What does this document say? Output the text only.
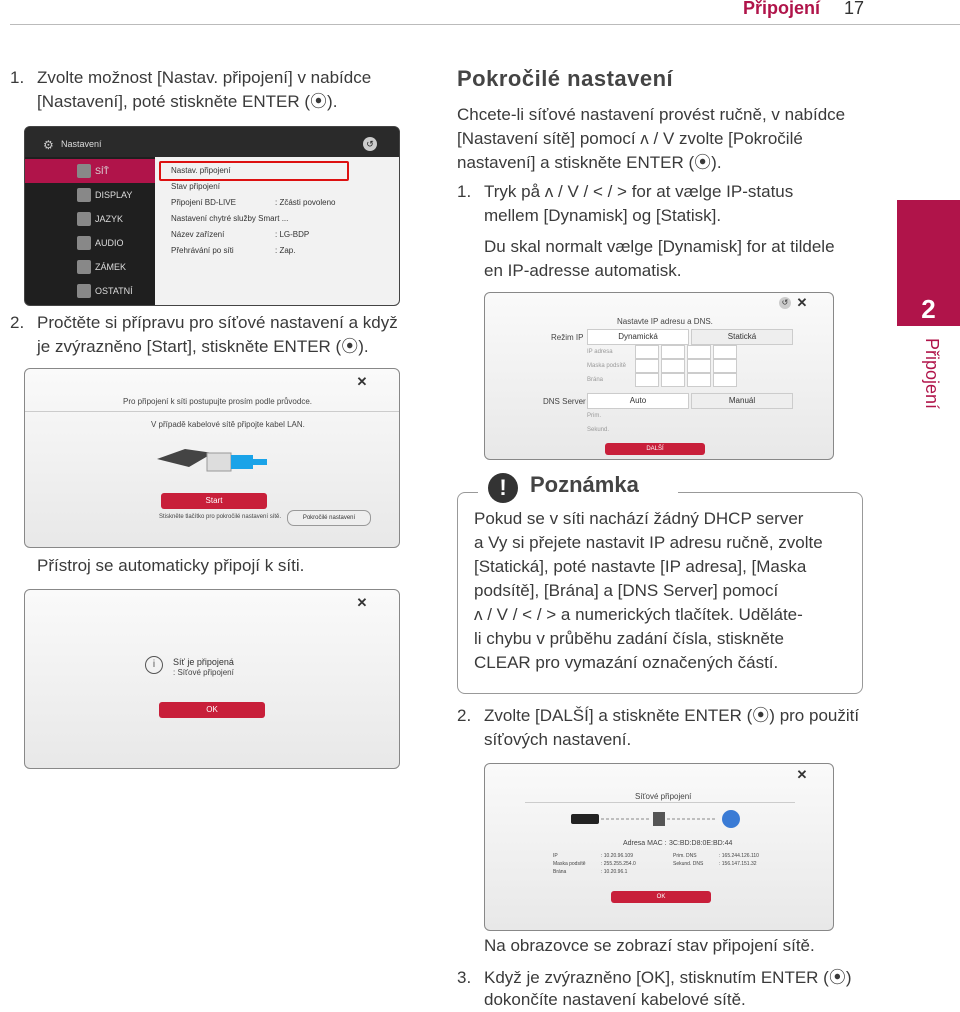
Připojení 17
2
Připojení
1. Zvolte možnost [Nastav. připojení] v nabídce
[Nastavení], poté stiskněte ENTER (⦿).
⚙ Nastavení	↺
SÍŤ
DISPLAY
JAZYK
AUDIO
ZÁMEK
OSTATNÍ
Nastav. připojení
Stav připojení
Připojení BD-LIVE	: Zčásti povoleno
Nastavení chytré služby Smart ...
Název zařízení	: LG-BDP
Přehrávání po síti	: Zap.
2. Pročtěte si přípravu pro síťové nastavení a když
je zvýrazněno [Start], stiskněte ENTER (⦿).
✕
Pro připojení k síti postupujte prosím podle průvodce.
V případě kabelové sítě připojte kabel LAN.
Start
Stiskněte tlačítko pro pokročilé nastavení sítě.	Pokročilé nastavení
Přístroj se automaticky připojí k síti.
✕
i	Síť je připojená
: Síťové připojení
OK
Pokročilé nastavení
Chcete-li síťové nastavení provést ručně, v nabídce
[Nastavení sítě] pomocí ʌ / V zvolte [Pokročilé
nastavení] a stiskněte ENTER (⦿).
1. Tryk på ʌ / V / < / > for at vælge IP-status
mellem [Dynamisk] og [Statisk].
Du skal normalt vælge [Dynamisk] for at tildele
en IP-adresse automatisk.
↺ ✕
Nastavte IP adresu a DNS.
Režim IP	Dynamická	Statická
IP adresa
Maska podsítě
Brána
DNS Server	Auto	Manuál
Prim.
Sekund.
DALŠÍ
!	Poznámka
Pokud se v síti nachází žádný DHCP server
a Vy si přejete nastavit IP adresu ručně, zvolte
[Statická], poté nastavte [IP adresa], [Maska
podsítě], [Brána] a [DNS Server] pomocí
ʌ / V / < / > a numerických tlačítek. Uděláte-
li chybu v průběhu zadání čísla, stiskněte
CLEAR pro vymazání označených částí.
2. Zvolte [DALŠÍ] a stiskněte ENTER (⦿) pro použití
síťových nastavení.
✕
Síťové připojení
Adresa MAC : 3C:BD:D8:0E:BD:44
IP	: 10.20.96.109
Maska podsítě	: 255.255.254.0
Brána	: 10.20.96.1
Prim. DNS	: 165.244.126.110
Sekund. DNS	: 156.147.151.32
OK
Na obrazovce se zobrazí stav připojení sítě.
3. Když je zvýrazněno [OK], stisknutím ENTER (⦿)
dokončíte nastavení kabelové sítě.
